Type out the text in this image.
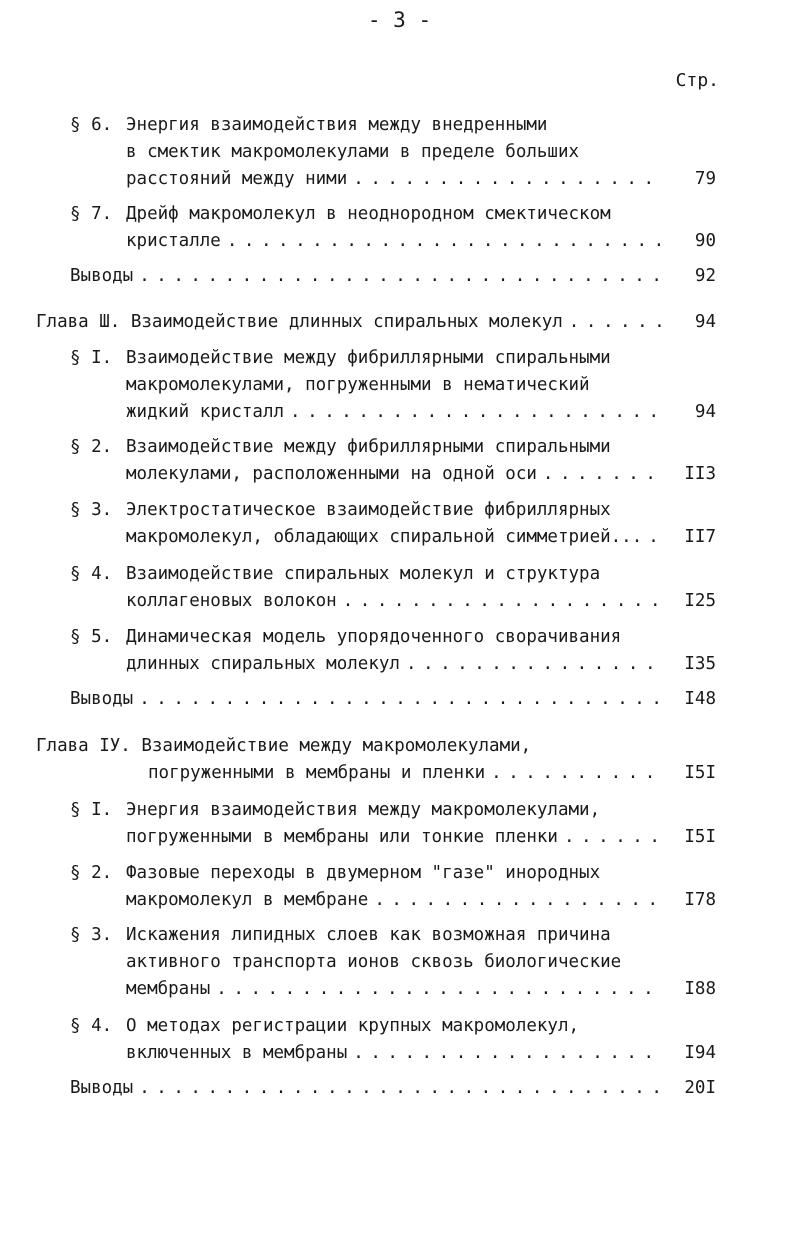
- 3 -
Стр.
§ 6. Энергия взаимодействия между внедренными
в смектик макромолекулами в пределе больших
расстояний между ними . . .	79
§ 7. Дрейф макромолекул в неоднородном смектическом
кристалле . . .	90
Выводы . . .	92
Глава Ш. Взаимодействие длинных спиральных молекул . . .	94
§ I. Взаимодействие между фибриллярными спиральными
макромолекулами, погруженными в нематический
жидкий кристалл . . .	94
§ 2. Взаимодействие между фибриллярными спиральными
молекулами, расположенными на одной оси . . .	II3
§ 3. Электростатическое взаимодействие фибриллярных
макромолекул, обладающих спиральной симметрией... . . .	II7
§ 4. Взаимодействие спиральных молекул и структура
коллагеновых волокон . . .	I25
§ 5. Динамическая модель упорядоченного сворачивания
длинных спиральных молекул . . .	I35
Выводы . . .	I48
Глава IУ. Взаимодействие между макромолекулами,
погруженными в мембраны и пленки . . .	I5I
§ I. Энергия взаимодействия между макромолекулами,
погруженными в мембраны или тонкие пленки . . .	I5I
§ 2. Фазовые переходы в двумерном "газе" инородных
макромолекул в мембране . . .	I78
§ 3. Искажения липидных слоев как возможная причина
активного транспорта ионов сквозь биологические
мембраны . . .	I88
§ 4. О методах регистрации крупных макромолекул,
включенных в мембраны . . .	I94
Выводы . . .	20I
